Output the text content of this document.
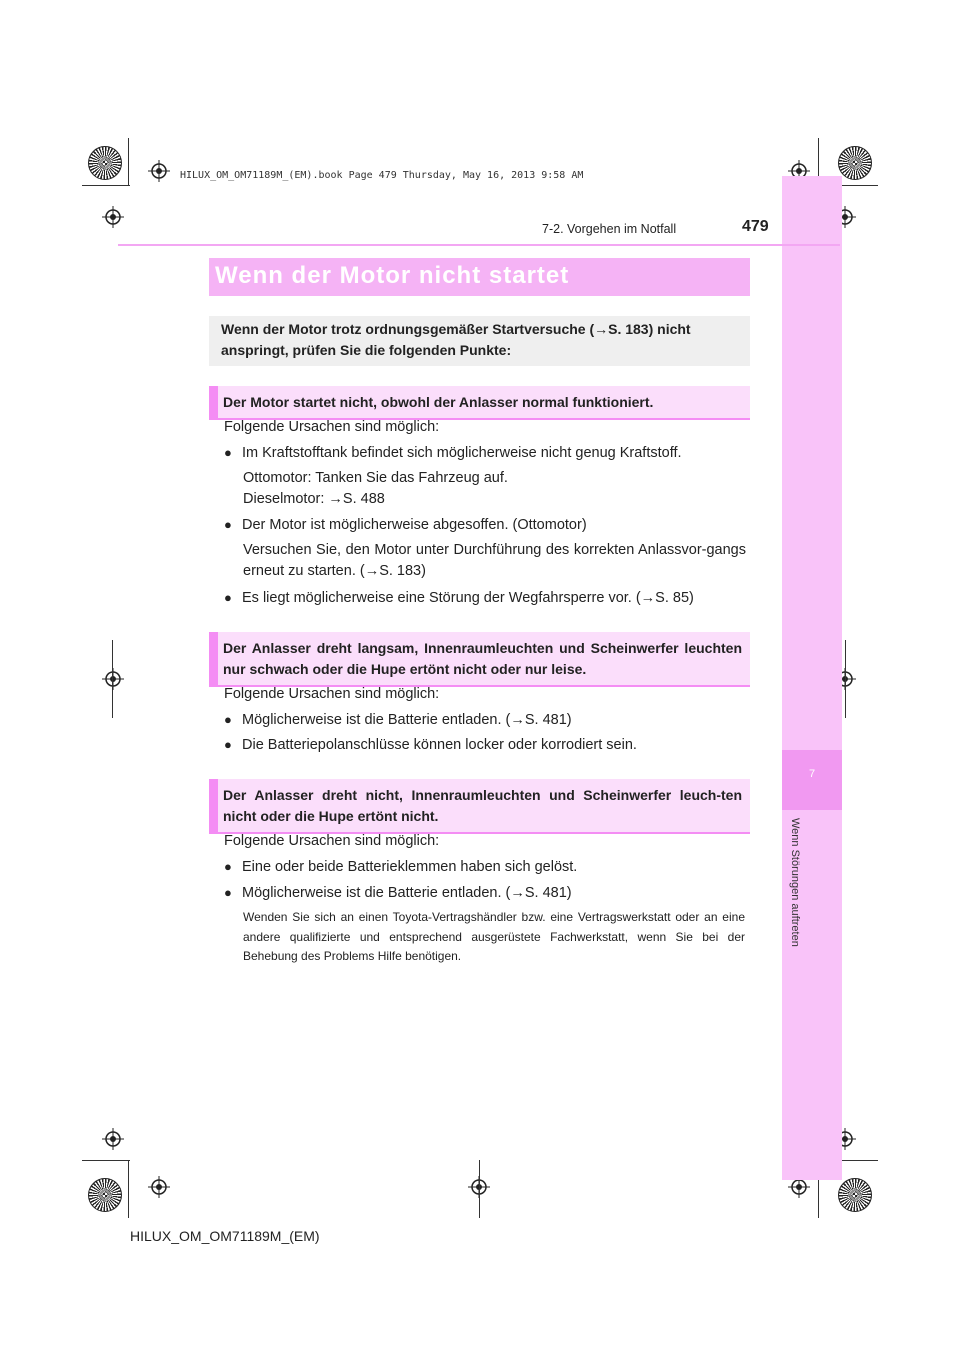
HILUX_OM_OM71189M_(EM).book Page 479 Thursday, May 16, 2013 9:58 AM
7
Wenn Störungen auftreten
7-2. Vorgehen im Notfall	479
Wenn der Motor nicht startet
Wenn der Motor trotz ordnungsgemäßer Startversuche (→S. 183) nicht anspringt, prüfen Sie die folgenden Punkte:
Der Motor startet nicht, obwohl der Anlasser normal funktioniert.
Folgende Ursachen sind möglich:
● Im Kraftstofftank befindet sich möglicherweise nicht genug Kraftstoff.
Ottomotor: Tanken Sie das Fahrzeug auf.
Dieselmotor: →S. 488
● Der Motor ist möglicherweise abgesoffen. (Ottomotor)
Versuchen Sie, den Motor unter Durchführung des korrekten Anlassvor-gangs erneut zu starten. (→S. 183)
● Es liegt möglicherweise eine Störung der Wegfahrsperre vor. (→S. 85)
Der Anlasser dreht langsam, Innenraumleuchten und Scheinwerfer leuchten nur schwach oder die Hupe ertönt nicht oder nur leise.
Folgende Ursachen sind möglich:
● Möglicherweise ist die Batterie entladen. (→S. 481)
● Die Batteriepolanschlüsse können locker oder korrodiert sein.
Der Anlasser dreht nicht, Innenraumleuchten und Scheinwerfer leuch-ten nicht oder die Hupe ertönt nicht.
Folgende Ursachen sind möglich:
● Eine oder beide Batterieklemmen haben sich gelöst.
● Möglicherweise ist die Batterie entladen. (→S. 481)
Wenden Sie sich an einen Toyota-Vertragshändler bzw. eine Vertragswerkstatt oder an eine andere qualifizierte und entsprechend ausgerüstete Fachwerkstatt, wenn Sie bei der Behebung des Problems Hilfe benötigen.
HILUX_OM_OM71189M_(EM)
